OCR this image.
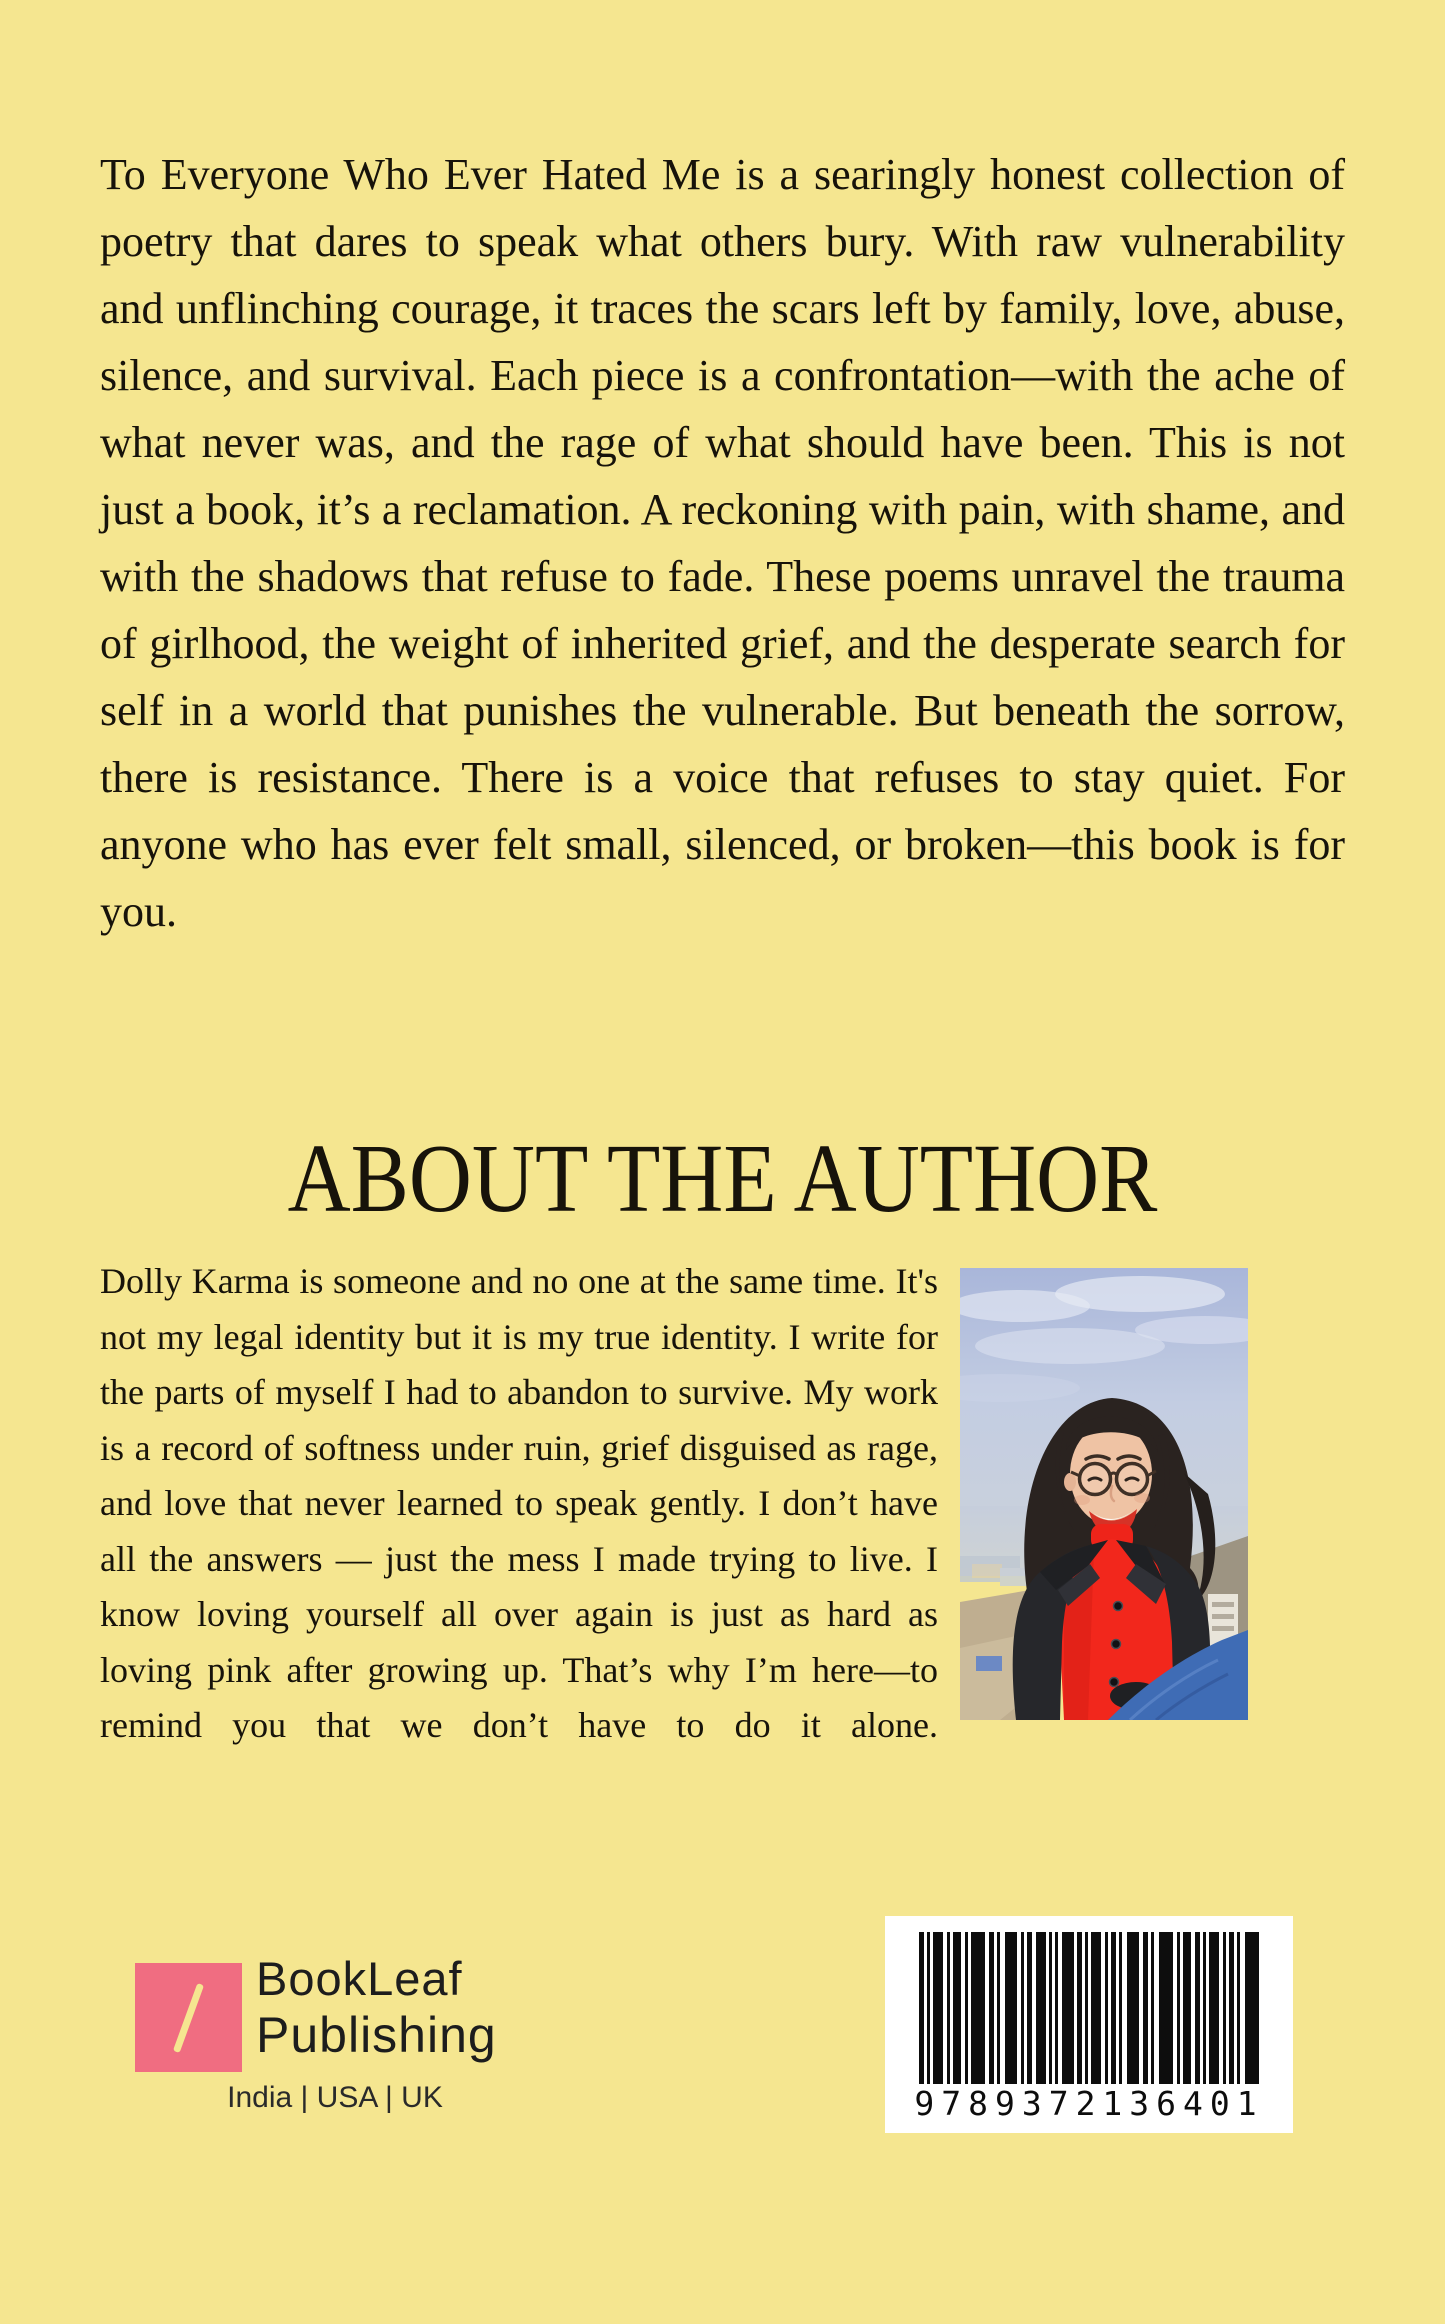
To Everyone Who Ever Hated Me is a searingly honest collection of poetry that dares to speak what others bury. With raw vulnerability and unflinching courage, it traces the scars left by family, love, abuse, silence, and survival. Each piece is a confrontation—with the ache of what never was, and the rage of what should have been. This is not just a book, it’s a reclamation. A reckoning with pain, with shame, and with the shadows that refuse to fade. These poems unravel the trauma of girlhood, the weight of inherited grief, and the desperate search for self in a world that punishes the vulnerable. But beneath the sorrow, there is resistance. There is a voice that refuses to stay quiet. For anyone who has ever felt small, silenced, or broken—this book is for you.

ABOUT THE AUTHOR

Dolly Karma is someone and no one at the same time. It's not my legal identity but it is my true identity. I write for the parts of myself I had to abandon to survive. My work is a record of softness under ruin, grief disguised as rage, and love that never learned to speak gently. I don’t have all the answers — just the mess I made trying to live. I know loving yourself all over again is just as hard as loving pink after growing up. That’s why I’m here—to remind you that we don’t have to do it alone.

BookLeaf
Publishing
India | USA | UK	9789372136401
